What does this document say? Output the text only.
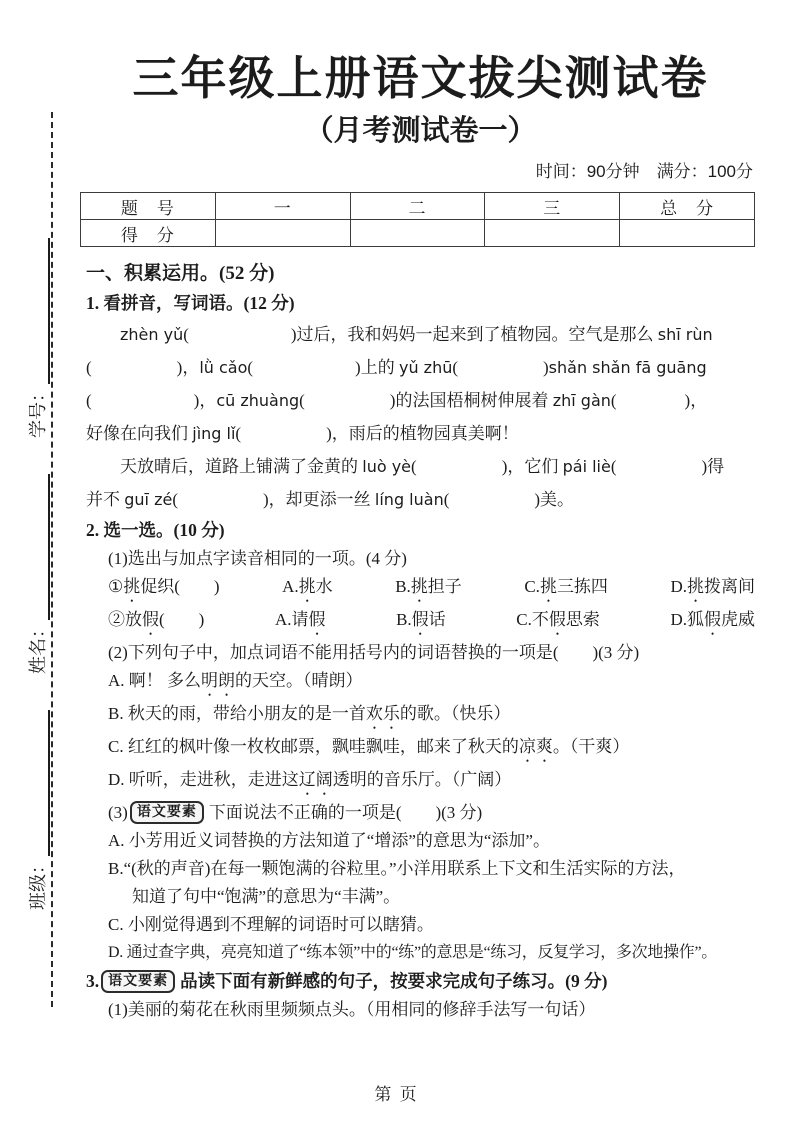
班级：
姓名：
学号：
三年级上册语文拔尖测试卷
（月考测试卷一）
时间：90分钟　满分：100分
题　号	一	二	三	总　分
得　分				
一、积累运用。(52 分)
1. 看拼音，写词语。(12 分)
zhèn yǔ(　　　　　　)过后，我和妈妈一起来到了植物园。空气是那么 shī rùn
(　　　　　)，lǜ cǎo(　　　　　　)上的 yǔ zhū(　　　　　)shǎn shǎn fā guāng
(　　　　　　)，cū zhuàng(　　　　　)的法国梧桐树伸展着 zhī gàn(　　　　)，
好像在向我们 jìng lǐ(　　　　　)，雨后的植物园真美啊！
天放晴后，道路上铺满了金黄的 luò yè(　　　　　)，它们 pái liè(　　　　　)得
并不 guī zé(　　　　　)，却更添一丝 líng luàn(　　　　　)美。
2. 选一选。(10 分)
(1)选出与加点字读音相同的一项。(4 分)
① 挑 促织(　　)	A. 挑 水	B. 挑 担子	C. 挑 三拣四	D. 挑 拨离间
②放 假 (　　)	A.请 假	B. 假 话	C.不 假 思索	D.狐 假 虎威
(2)下列句子中，加点词语不能用括号内的词语替换的一项是(　　)(3 分)
A. 啊！ 多么明朗的天空。（晴朗）
B. 秋天的雨，带给小朋友的是一首欢乐的歌。（快乐）
C. 红红的枫叶像一枚枚邮票，飘哇飘哇，邮来了秋天的凉爽。（干爽）
D. 听听，走进秋，走进这辽阔透明的音乐厅。（广阔）
(3) 语文要素 下面说法不正确的一项是(　　)(3 分)
A. 小芳用近义词替换的方法知道了“增添”的意思为“添加”。
B.“(秋的声音)在每一颗饱满的谷粒里。”小洋用联系上下文和生活实际的方法，
知道了句中“饱满”的意思为“丰满”。
C. 小刚觉得遇到不理解的词语时可以瞎猜。
D. 通过查字典，亮亮知道了“练本领”中的“练”的意思是“练习，反复学习，多次地操作”。
3. 语文要素 品读下面有新鲜感的句子，按要求完成句子练习。(9 分)
(1)美丽的菊花在秋雨里频频点头。（用相同的修辞手法写一句话）
第 页
